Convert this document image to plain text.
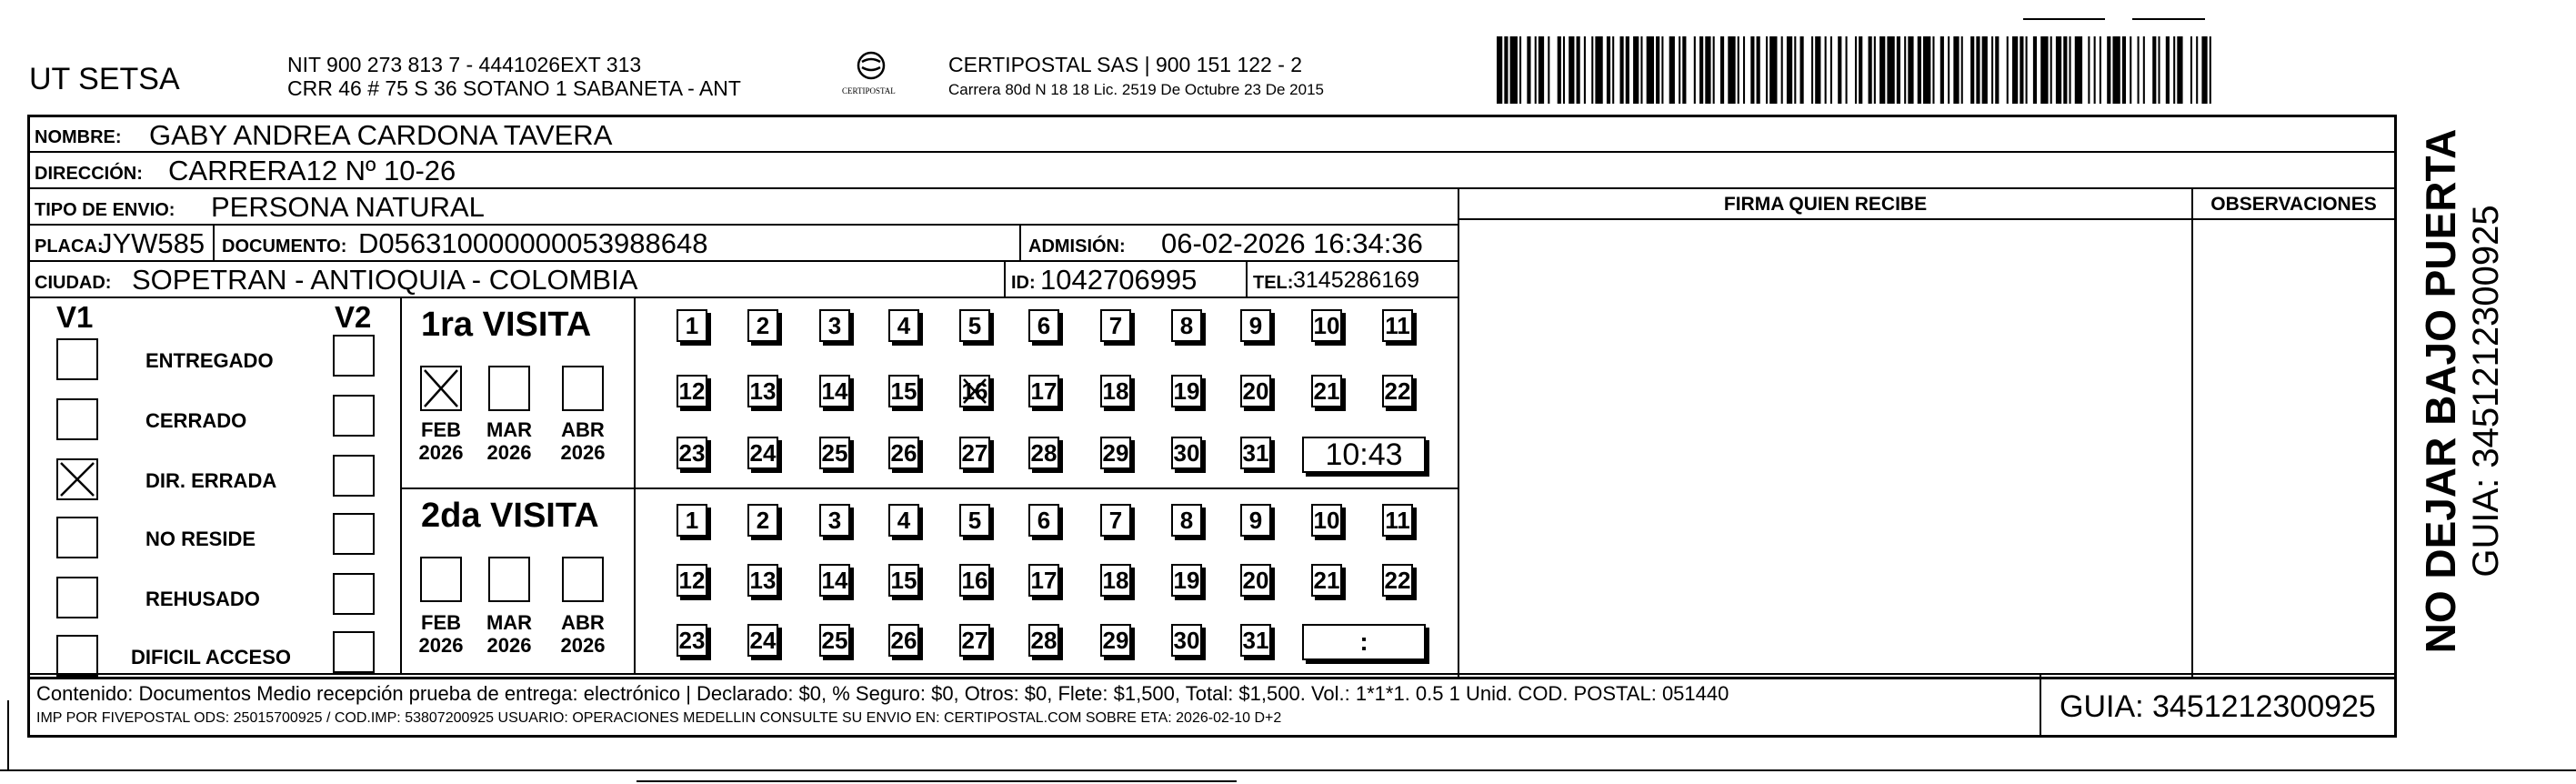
UT SETSA	NIT 900 273 813 7 - 4441026EXT 313
CRR 46 # 75 S 36 SOTANO 1 SABANETA - ANT	CERTIPOSTAL
CERTIPOSTAL SAS | 900 151 122 - 2
Carrera 80d N 18 18 Lic. 2519 De Octubre 23 De 2015
NOMBRE: GABY ANDREA CARDONA TAVERA
DIRECCIÓN: CARRERA12 Nº 10-26
TIPO DE ENVIO: PERSONA NATURAL	FIRMA QUIEN RECIBE	OBSERVACIONES
PLACA:
JYW585 DOCUMENTO: D056310000000053988648	ADMISIÓN: 06-02-2026 16:34:36
CIUDAD: SOPETRAN - ANTIOQUIA - COLOMBIA	ID: 1042706995	TEL: 3145286169
V1	V2
ENTREGADO
CERRADO
DIR. ERRADA
NO RESIDE
REHUSADO
DIFICIL ACCESO
1ra VISITA
2da VISITA
FEB
2026
MAR
2026
ABR
2026
FEB
2026
MAR
2026
ABR
2026
1 2 3 4 5 6 7 8 9 10 11
12 13 14 15 16 17 18 19 20 21 22
23 24 25 26 27 28 29 30 31 10:43
1 2 3 4 5 6 7 8 9 10 11
12 13 14 15 16 17 18 19 20 21 22
23 24 25 26 27 28 29 30 31	:
Contenido: Documentos Medio recepción prueba de entrega: electrónico | Declarado: $0, % Seguro: $0, Otros: $0, Flete: $1,500, Total: $1,500. Vol.: 1*1*1. 0.5 1 Unid. COD. POSTAL: 051440
IMP POR FIVEPOSTAL ODS: 25015700925 / COD.IMP: 53807200925 USUARIO: OPERACIONES MEDELLIN CONSULTE SU ENVIO EN: CERTIPOSTAL.COM SOBRE ETA: 2026-02-10 D+2	GUIA: 3451212300925
NO DEJAR BAJO PUERTA GUIA: 3451212300925
